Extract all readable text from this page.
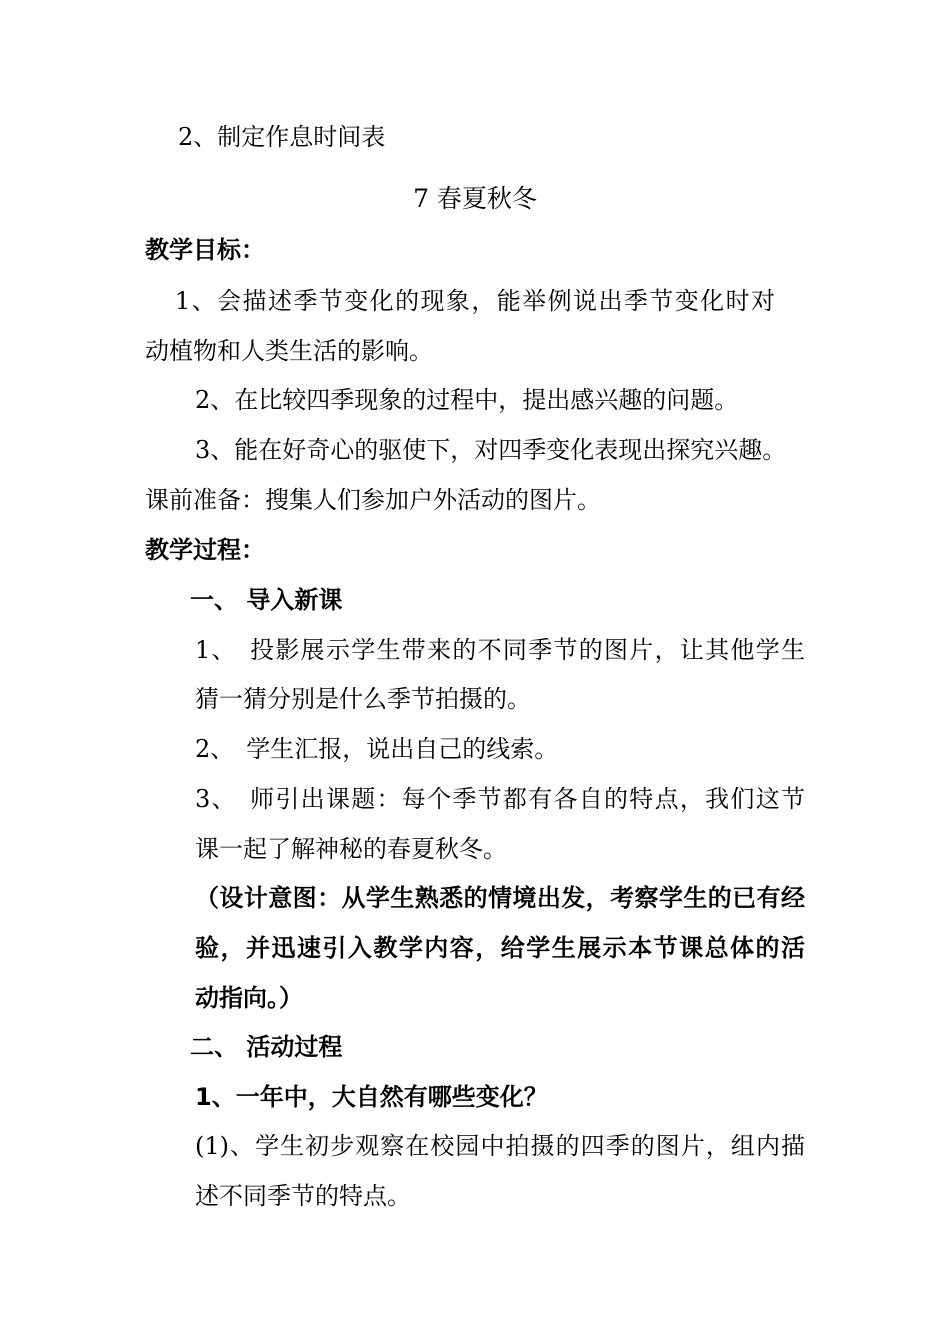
2、制定作息时间表
7 春夏秋冬
教学目标：
1、会描述季节变化的现象，能举例说出季节变化时对
动植物和人类生活的影响。
2、在比较四季现象的过程中，提出感兴趣的问题。
3、能在好奇心的驱使下，对四季变化表现出探究兴趣。
课前准备：搜集人们参加户外活动的图片。
教学过程：
一、 导入新课
1、　投影展示学生带来的不同季节的图片，让其他学生
猜一猜分别是什么季节拍摄的。
2、　学生汇报，说出自己的线索。
3、　师引出课题：每个季节都有各自的特点，我们这节
课一起了解神秘的春夏秋冬。
（设计意图：从学生熟悉的情境出发，考察学生的已有经
验，并迅速引入教学内容，给学生展示本节课总体的活
动指向。）
二、 活动过程
1、一年中，大自然有哪些变化？
(1)、学生初步观察在校园中拍摄的四季的图片，组内描
述不同季节的特点。
